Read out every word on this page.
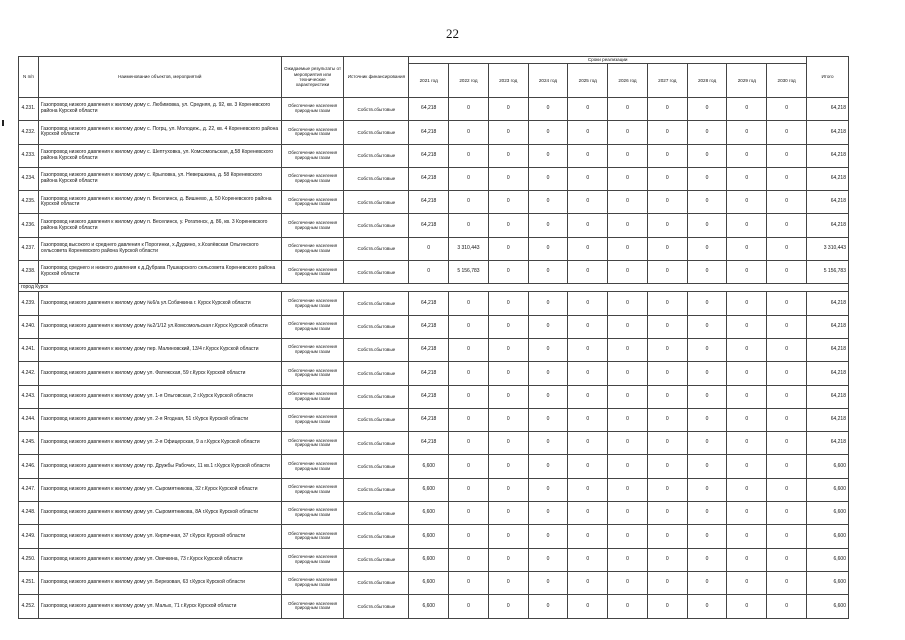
22
N п/п	Наименование объектов, мероприятий	Ожидаемые результаты от мероприятия или технические характеристики	Источник финансирования	Сроки реализации										Итого
				2021 год	2022 год	2023 год	2024 год	2025 год	2026 год	2027 год	2028 год	2029 год	2030 год	
4.231.	Газопровод низкого давления к жилому дому с. Любимовка, ул. Средняя, д. 92, кв. 3 Кореневского района Курской области	Обеспечение населения природным газом	Собств.сбытовые	64,218	0	0	0	0	0	0	0	0	0	64,218
4.232.	Газопровод низкого давления к жилому дому с. Погрц, ул. Молодеж., д. 22, кв. 4 Кореневского района Курской области	Обеспечение населения природным газом	Собств.сбытовые	64,218	0	0	0	0	0	0	0	0	0	64,218
4.233.	Газопровод низкого давления к жилому дому с. Шептуховка, ул. Комсомольская, д.58 Кореневского района Курской области	Обеспечение населения природным газом	Собств.сбытовые	64,218	0	0	0	0	0	0	0	0	0	64,218
4.234.	Газопровод низкого давления к жилому дому с. Крыловка, ул. Невершкина, д. 58 Кореневского района Курской области	Обеспечение населения природным газом	Собств.сбытовые	64,218	0	0	0	0	0	0	0	0	0	64,218
4.235.	Газопровод низкого давления к жилому дому п. Веселинск, д. Вишнево, д. 50 Кореневского района Курской области	Обеспечение населения природным газом	Собств.сбытовые	64,218	0	0	0	0	0	0	0	0	0	64,218
4.236.	Газопровод низкого давления к жилому дому п. Веселинск, у. Рогатинск, д. 86, кв. 3 Кореневского района Курской области	Обеспечение населения природным газом	Собств.сбытовые	64,218	0	0	0	0	0	0	0	0	0	64,218
4.237.	Газопровод высокого и среднего давления к Порогинки, х.Дудкино, х.Козлёвская Ольгинского сельсовета Кореневского района Курской области	Обеспечение населения природным газом	Собств.сбытовые	0	3 310,443	0	0	0	0	0	0	0	0	3 310,443
4.238.	Газопровод среднего и низкого давления к д.Дубрава Пушкарского сельсовета Кореневского района Курской области	Обеспечение населения природным газом	Собств.сбытовые	0	5 156,783	0	0	0	0	0	0	0	0	5 156,783
город Курск														
4.239.	Газопровод низкого давления к жилому дому №6/а ул.Собачкина г. Курск Курской области	Обеспечение населения природным газом	Собств.сбытовые	64,218	0	0	0	0	0	0	0	0	0	64,218
4.240.	Газопровод низкого давления к жилому дому №2/1/12 ул.Комсомольская г.Курск Курской области	Обеспечение населения природным газом	Собств.сбытовые	64,218	0	0	0	0	0	0	0	0	0	64,218
4.241.	Газопровод низкого давления к жилому дому пер. Малиновский, 13/4 г.Курск Курской области	Обеспечение населения природным газом	Собств.сбытовые	64,218	0	0	0	0	0	0	0	0	0	64,218
4.242.	Газопровод низкого давления к жилому дому ул. Фатежская, 59 г.Курск Курской области	Обеспечение населения природным газом	Собств.сбытовые	64,218	0	0	0	0	0	0	0	0	0	64,218
4.243.	Газопровод низкого давления к жилому дому ул. 1-я Ольговская, 2 г.Курск Курской области	Обеспечение населения природным газом	Собств.сбытовые	64,218	0	0	0	0	0	0	0	0	0	64,218
4.244.	Газопровод низкого давления к жилому дому ул. 2-я Ягодная, 51 г.Курск Курской области	Обеспечение населения природным газом	Собств.сбытовые	64,218	0	0	0	0	0	0	0	0	0	64,218
4.245.	Газопровод низкого давления к жилому дому ул. 2-я Офицерская, 9 а г.Курск Курской области	Обеспечение населения природным газом	Собств.сбытовые	64,218	0	0	0	0	0	0	0	0	0	64,218
4.246.	Газопровод низкого давления к жилому дому пр. Дружбы Рабочих, 11 кв.1 г.Курск Курской области	Обеспечение населения природным газом	Собств.сбытовые	6,600	0	0	0	0	0	0	0	0	0	6,600
4.247.	Газопровод низкого давления к жилому дому ул. Сыромятникова, 32 г.Курск Курской области	Обеспечение населения природным газом	Собств.сбытовые	6,600	0	0	0	0	0	0	0	0	0	6,600
4.248.	Газопровод низкого давления к жилому дому ул. Сыромятникова, 8А г.Курск Курской области	Обеспечение населения природным газом	Собств.сбытовые	6,600	0	0	0	0	0	0	0	0	0	6,600
4.249.	Газопровод низкого давления к жилому дому ул. Кирпичная, 37 г.Курск Курской области	Обеспечение населения природным газом	Собств.сбытовые	6,600	0	0	0	0	0	0	0	0	0	6,600
4.250.	Газопровод низкого давления к жилому дому ул. Овечкина, 73 г.Курск Курской области	Обеспечение населения природным газом	Собств.сбытовые	6,600	0	0	0	0	0	0	0	0	0	6,600
4.251.	Газопровод низкого давления к жилому дому ул. Березовая, 63 г.Курск Курской области	Обеспечение населения природным газом	Собств.сбытовые	6,600	0	0	0	0	0	0	0	0	0	6,600
4.252.	Газопровод низкого давления к жилому дому ул. Малых, 71 г.Курск Курской области	Обеспечение населения природным газом	Собств.сбытовые	6,600	0	0	0	0	0	0	0	0	0	6,600
